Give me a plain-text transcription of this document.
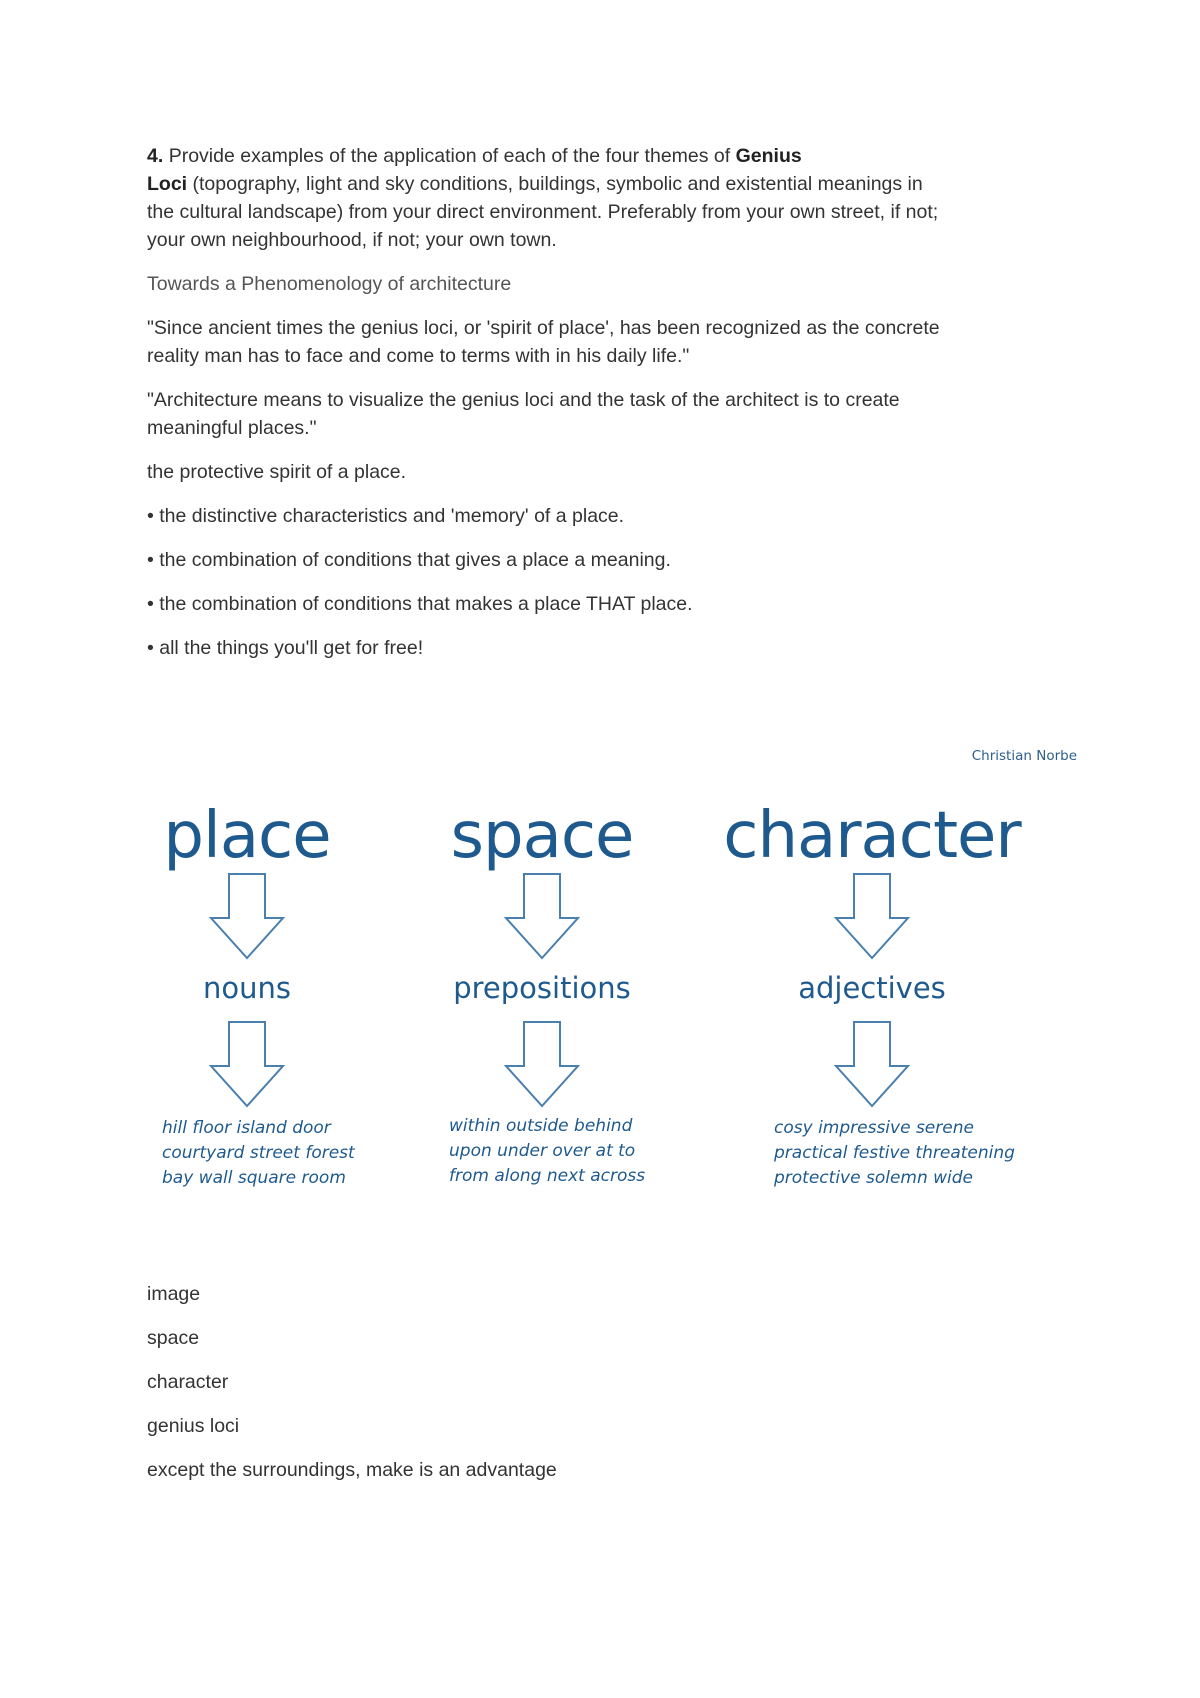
4. Provide examples of the application of each of the four themes of Genius
Loci (topography, light and sky conditions, buildings, symbolic and existential meanings in
the cultural landscape) from your direct environment. Preferably from your own street, if not;
your own neighbourhood, if not; your own town.

Towards a Phenomenology of architecture

"Since ancient times the genius loci, or 'spirit of place', has been recognized as the concrete
reality man has to face and come to terms with in his daily life."

"Architecture means to visualize the genius loci and the task of the architect is to create
meaningful places."

the protective spirit of a place.

• the distinctive characteristics and 'memory' of a place.

• the combination of conditions that gives a place a meaning.

• the combination of conditions that makes a place THAT place.

• all the things you'll get for free!

Christian Norbe
place
nouns
hill floor island door
courtyard street forest
bay wall square room
space
prepositions
within outside behind
upon under over at to
from along next across
character
adjectives
cosy impressive serene
practical festive threatening
protective solemn wide

image

space

character

genius loci

except the surroundings, make is an advantage
